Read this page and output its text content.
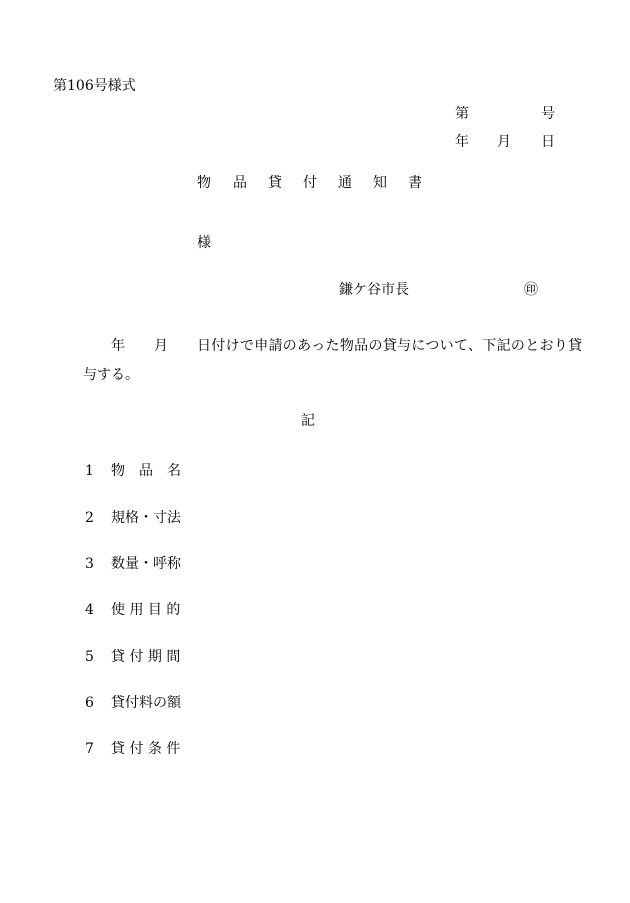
第106号様式
第	号
年 月 日
物 品 貸 付 通 知 書
様
鎌ケ谷市長	㊞
年 月 日付けで申請のあった物品の貸与について、下記のとおり貸
与する。
記
1 物　品　名
2 規格・寸法
3 数量・呼称
4 使 用 目 的
5 貸 付 期 間
6 貸付料の額
7 貸 付 条 件
